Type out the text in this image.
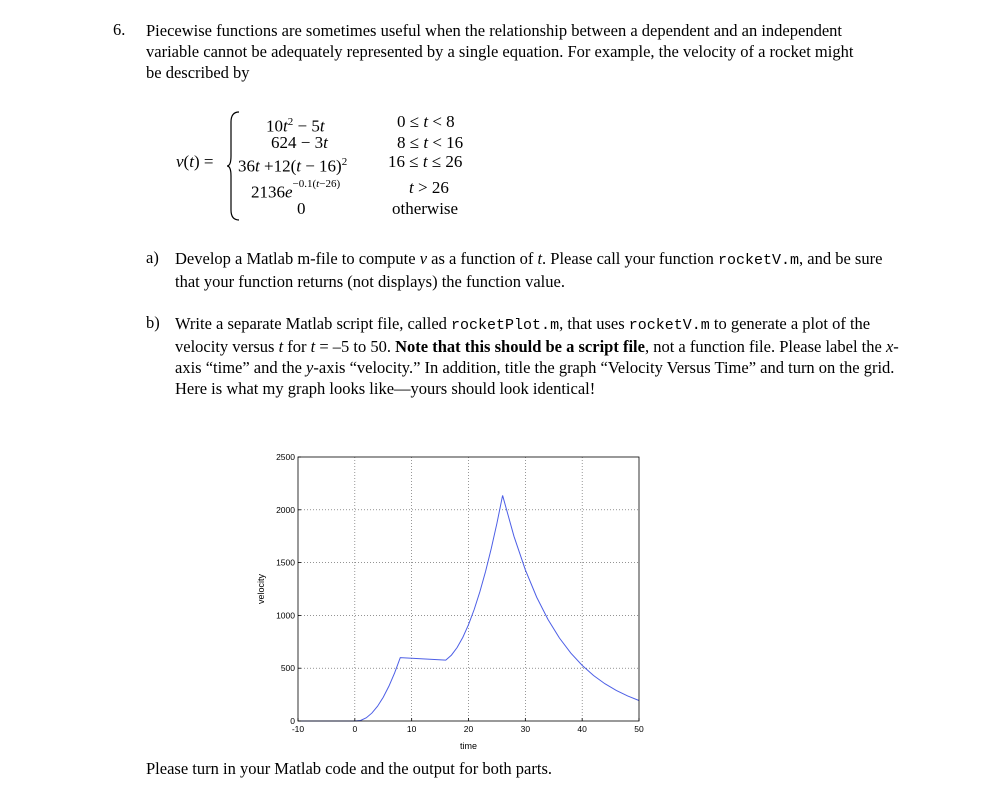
6. Piecewise functions are sometimes useful when the relationship between a dependent and an independent variable cannot be adequately represented by a single equation. For example, the velocity of a rocket might be described by
v(t) =
$10t^2 - 5t$	0 ≤ t < 8
624 − 3t	8 ≤ t < 16
$36t +12(t - 16)^2$ 16 ≤ t ≤ 26
$2136e^{-0.1(t-26)}$	t > 26
0	otherwise
a) Develop a Matlab m-file to compute v as a function of t. Please call your function rocketV.m, and be sure that your function returns (not displays) the function value.
b) Write a separate Matlab script file, called rocketPlot.m, that uses rocketV.m to generate a plot of the velocity versus t for t = –5 to 50. Note that this should be a script file, not a function file. Please label the x-axis “time” and the y-axis “velocity.” In addition, title the graph “Velocity Versus Time” and turn on the grid. Here is what my graph looks like—yours should look identical!
-10	0	10	20	30	40	50
0
500
1000
1500
2000
2500
time
velocity
Please turn in your Matlab code and the output for both parts.
